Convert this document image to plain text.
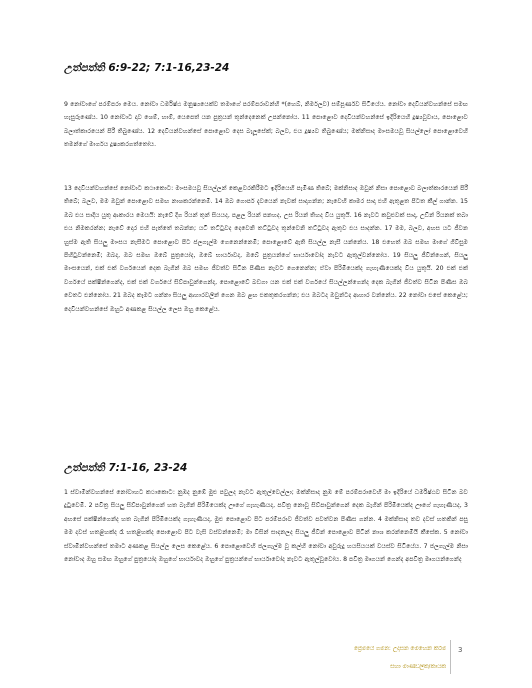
උත්පත්ති 6:9-22; 7:1-16,23-24
9 නෝවාගේ පරම්පරා මෙය. නෝවා ධර්මිෂ්ඨ මනුෂ්‍යයෙක්ව තමාගේ පරම්පරාවන්හි *(හෙබ්, නිර්මලව) සම්පූර්ණව සිටියේය. නෝවා දෙවියන්වහන්සේ සමඟ හැසුරුණේය. 10 නෝවාට දාව ශෙම්, හාම්, යෙපෙත් යන පුත්‍රයන් තුන්දෙනෙක් උපන්නෝය. 11 පොළොව දෙවියන්වහන්සේ ඉදිරියෙහි දූෂ්‍යවූවාය, පොළොව බලාත්කාරයෙන් පිරී තිබුණේය. 12 දෙවියන්වහන්සේ පොළොව දෙස බැලූසේක්; බලව, එය දූෂ්‍යව තිබුණේය; මක්නිසාද මාංසමයවූ සියල්ලෝ පොළොවෙහි තමන්ගේ මාර්ගය දූෂ්‍යකරගත්තෝය.
13 දෙවියන්වහන්සේ නෝවාට කථාකොට: මාංසමයවූ සියල්ලන් කෙළවරකිරීමට ඉදිරියෙහි පැමිණ තිබේ; මක්නිසාද ඔවුන් නිසා පොළොව බලාත්කාරයෙන් පිරී තිබේ; බලව, මම ඔවුන් පොළොව සමඟ නාශකරන්නෙමි. 14 ඔබ ගොපර් දැවයෙන් නැවක් සාදාගන්න; නැවෙහි කාමර සාදා එහි ඇතුළත පිටත කීල් ගාන්න. 15 ඔබ එය සාදිය යුතු ආකාරය මෙයයි: නැවේ දිග රියන් තුන් සියයද, පළල රියන් පනහද, උස රියන් තිහද විය යුතුයි. 16 නැවට කවුළුවක් සාදා, උඩින් රියනක් තබා එය නිමකරන්න; නැවේ දොර එහි පැත්තේ තබන්න; යටි තට්ටුවද දෙවෙනි තට්ටුවද තුන්වෙනි තට්ටුවද ඇතුව එය සාදන්න. 17 මම, බලව, අහස යට ජීවන හුස්ම ඇති සියලු මාංසය නැසීමට පොළොව පිට ජලගැල්ම ගෙනෙන්නෙමි; පොළොවේ ඇති සියල්ල නැසී යන්නේය. 18 එහෙත් ඔබ සමඟ මාගේ ගිවිසුම පිහිටුවන්නෙමි; ඔබද, ඔබ සමඟ ඔබේ පුත්‍රයෝද, ඔබේ භාර්යාවද, ඔබේ පුත්‍රයන්ගේ භාර්යාවෝද නැවට ඇතුල්වන්නෝය. 19 සියලු ජීවීන්ගෙන්, සියලු මාංසයෙන්, එක් එක් වර්ගයෙන් දෙක බැගින් ඔබ සමඟ ජීවත්ව සිටින පිණිස නැවට ගෙනෙන්න; ඒවා පිරිමියෙක්ද ගැහැණියෙක්ද විය යුතුයි. 20 එක් එක් වර්ගයේ පක්ෂීන්ගෙන්ද, එක් එක් වර්ගයේ සිව්පාවුන්ගෙන්ද, පොළොවේ බඩගා යන එක් එක් වර්ගයේ සියල්ලන්ගෙන්ද දෙක බැගින් ජීවත්ව සිටින පිණිස ඔබ වෙතට එන්නෝය. 21 ඔබද කෑමට ගන්නා සියලු ආහාරවලින් ගෙන ඔබ ළඟ එකතුකරගන්න; එය ඔබටද ඔවුන්ටද ආහාර වන්නේය. 22 නෝවා එසේ කෙළේය; දෙවියන්වහන්සේ ඔහුට අණකළ සියල්ල ලෙස ඔහු කෙළේය.
උත්පත්ති 7:1-16, 23-24
1 ස්වාමීන්වහන්සේ නෝවාහට කථාකොට: නුඹද නුඹේ මුළු පවුලද නැවට ඇතුල්වෙල්ලා; මක්නිසාද නුඹ මේ පරම්පරාවෙහි මා ඉදිරියේ ධර්මිෂ්ඨව සිටින බව දුටුවෙමි. 2 පවිත්‍ර සියලු සිව්පාවුන්ගෙන් හත බැගින් පිරිමියෙක්ද ඌගේ ගැහැණියද, පවිත්‍ර නොවූ සිව්පාවුන්ගෙන් දෙක බැගින් පිරිමියෙක්ද ඌගේ ගැහැණියද, 3 අහසේ පක්ෂීන්ගෙන්ද හත බැගින් පිරිමියෙක්ද ගැහැණියද, මුළු පොළොව පිට පරම්පරාව ජීවත්ව පවත්වන පිණිස ගන්න. 4 මක්නිසාද තව දවස් හතකින් පසු මම දවස් හතළිහක්ද රෑ හතළිහක්ද පොළොව පිට වැසි වස්වන්නෙමි; මා විසින් සාදනලද සියලු ජීවීන් පොළොව පිටින් නාශ කරන්නෙමියි කීසේක. 5 නෝවා ස්වාමීන්වහන්සේ තමාට අණකළ සියල්ල ලෙස කෙළේය. 6 පොළොවෙහි ජලගැල්ම වූ කල්හි නෝවා අවුරුදු හයසියයක් වයස්ව සිටියේය. 7 ජලගැල්ම නිසා නෝවාද ඔහු සමඟ ඔහුගේ පුත්‍රයෝද ඔහුගේ භාර්යාවද ඔහුගේ පුත්‍රයන්ගේ භාර්යාවෝද නැවට ඇතුල්වූවෝය. 8 පවිත්‍ර මෘගයන් ගෙන්ද අපවිත්‍ර මෘගයන්ගෙන්ද
ප්‍රේමයේ ගමන: උදාසන මෙහෙනි කිරීම
සහා මාණ්ඩලික/කායක
3
